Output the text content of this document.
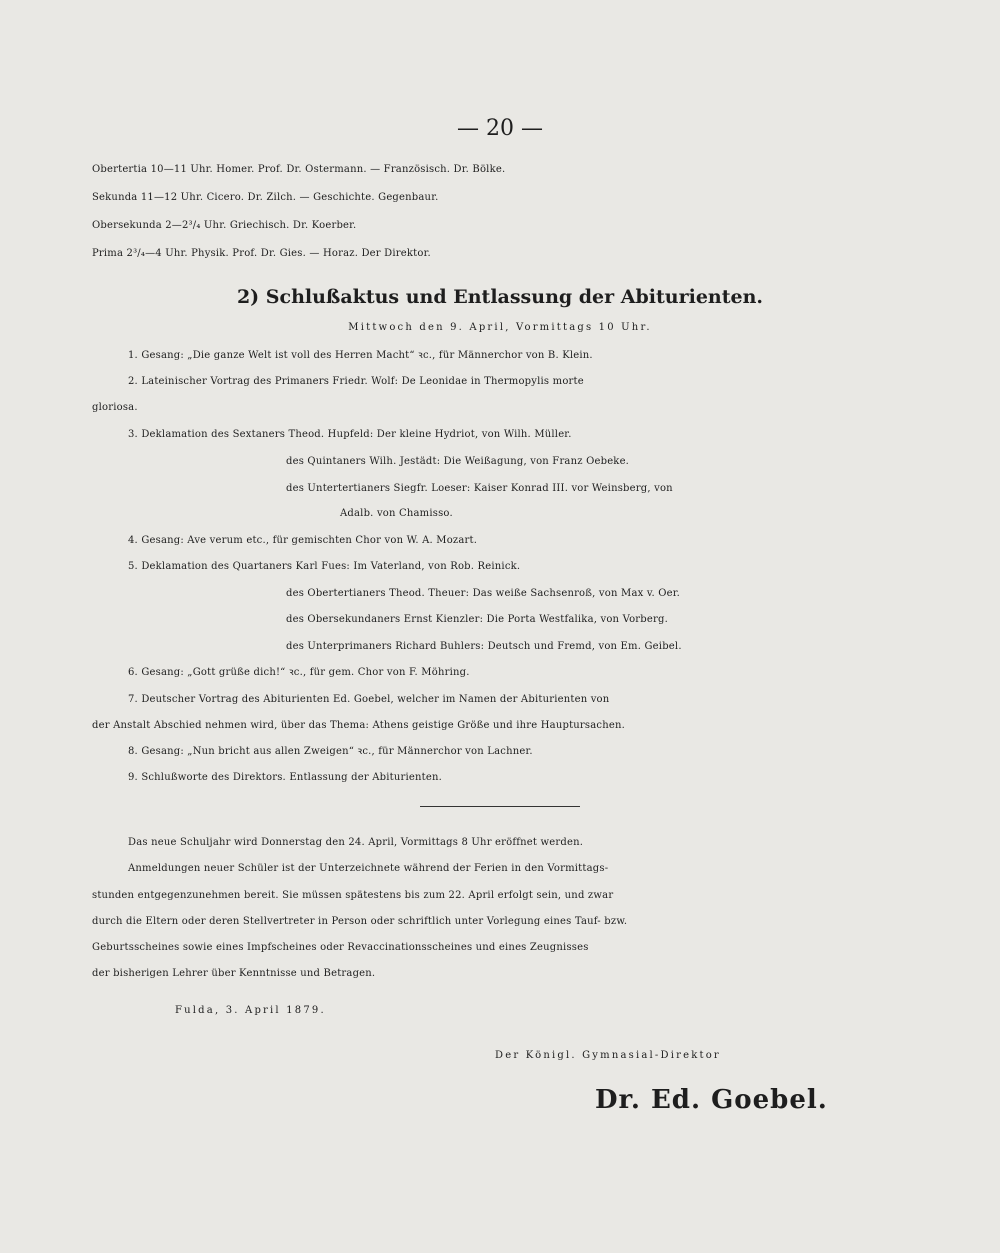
— 20 —
Obertertia 10—11 Uhr. Homer. Prof. Dr. Ostermann. — Französisch. Dr. Bölke.
Sekunda 11—12 Uhr. Cicero. Dr. Zilch. — Geschichte. Gegenbaur.
Obersekunda 2—2³/₄ Uhr. Griechisch. Dr. Koerber.
Prima 2³/₄—4 Uhr. Physik. Prof. Dr. Gies. — Horaz. Der Direktor.
2) Schlußaktus und Entlassung der Abiturienten.
Mittwoch den 9. April, Vormittags 10 Uhr.
1. Gesang: „Die ganze Welt ist voll des Herren Macht“ ꝛc., für Männerchor von B. Klein.
2. Lateinischer Vortrag des Primaners Friedr. Wolf: De Leonidae in Thermopylis morte
gloriosa.
3. Deklamation des Sextaners Theod. Hupfeld: Der kleine Hydriot, von Wilh. Müller.
des Quintaners Wilh. Jestädt: Die Weißagung, von Franz Oebeke.
des Untertertianers Siegfr. Loeser: Kaiser Konrad III. vor Weinsberg, von
Adalb. von Chamisso.
4. Gesang: Ave verum etc., für gemischten Chor von W. A. Mozart.
5. Deklamation des Quartaners Karl Fues: Im Vaterland, von Rob. Reinick.
des Obertertianers Theod. Theuer: Das weiße Sachsenroß, von Max v. Oer.
des Obersekundaners Ernst Kienzler: Die Porta Westfalika, von Vorberg.
des Unterprimaners Richard Buhlers: Deutsch und Fremd, von Em. Geibel.
6. Gesang: „Gott grüße dich!“ ꝛc., für gem. Chor von F. Möhring.
7. Deutscher Vortrag des Abiturienten Ed. Goebel, welcher im Namen der Abiturienten von
der Anstalt Abschied nehmen wird, über das Thema: Athens geistige Größe und ihre Hauptursachen.
8. Gesang: „Nun bricht aus allen Zweigen“ ꝛc., für Männerchor von Lachner.
9. Schlußworte des Direktors. Entlassung der Abiturienten.
Das neue Schuljahr wird Donnerstag den 24. April, Vormittags 8 Uhr eröffnet werden.
Anmeldungen neuer Schüler ist der Unterzeichnete während der Ferien in den Vormittags-
stunden entgegenzunehmen bereit. Sie müssen spätestens bis zum 22. April erfolgt sein, und zwar
durch die Eltern oder deren Stellvertreter in Person oder schriftlich unter Vorlegung eines Tauf- bzw.
Geburtsscheines sowie eines Impfscheines oder Revaccinationsscheines und eines Zeugnisses
der bisherigen Lehrer über Kenntnisse und Betragen.
Fulda, 3. April 1879.
Der Königl. Gymnasial-Direktor
Dr. Ed. Goebel.
